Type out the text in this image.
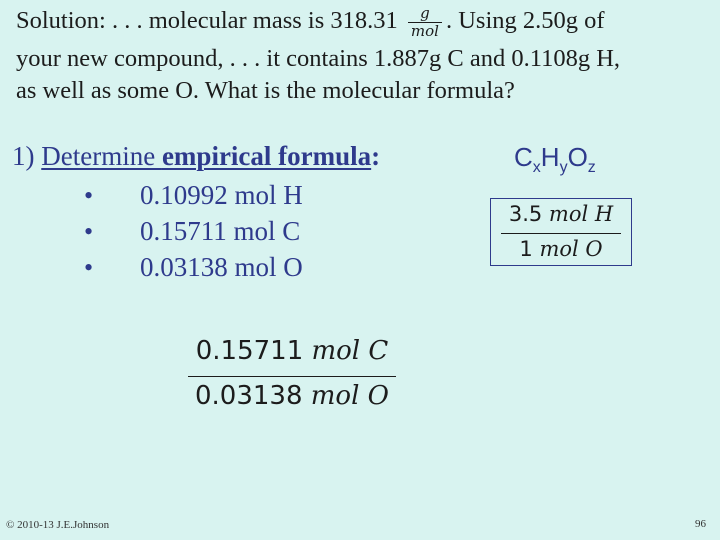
Solution: . . . molecular mass is $318.31 \frac{g}{\text{mol}}$ . Using 2.50g of
your new compound, . . . it contains 1.887g C and 0.1108g H,
as well as some O. What is the molecular formula?
1) Determine empirical formula:	$C_xH_yO_z$
• 0.10992 mol H
• 0.15711 mol C
• 0.03138 mol O
3.5 mol H
1 mol O
0.15711 mol C
0.03138 mol O
© 2010-13 J.E.Johnson	96
